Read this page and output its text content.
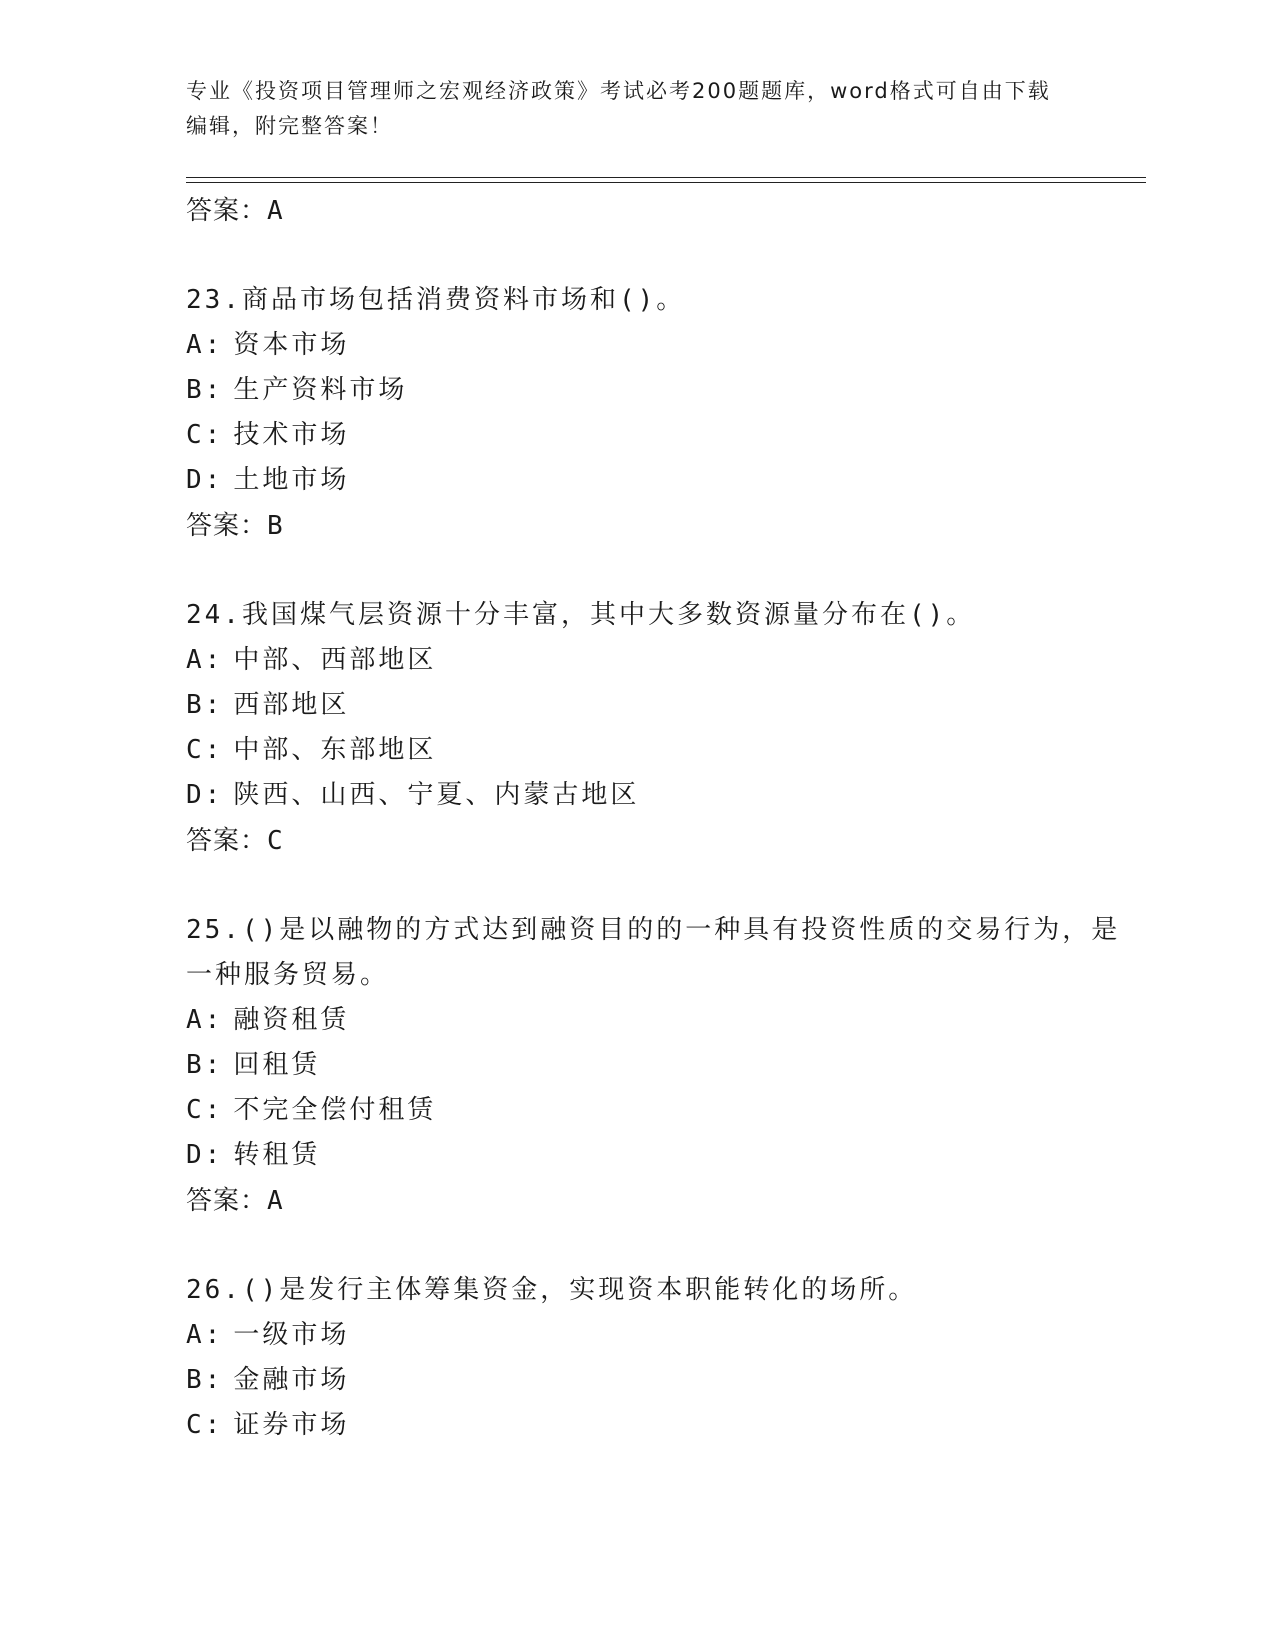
专业《投资项目管理师之宏观经济政策》考试必考200题题库，word格式可自由下载编辑，附完整答案！
答案：A
23.商品市场包括消费资料市场和()。
A: 资本市场
B: 生产资料市场
C: 技术市场
D: 土地市场
答案：B
24.我国煤气层资源十分丰富，其中大多数资源量分布在()。
A: 中部、西部地区
B: 西部地区
C: 中部、东部地区
D: 陕西、山西、宁夏、内蒙古地区
答案：C
25.()是以融物的方式达到融资目的的一种具有投资性质的交易行为，是一种服务贸易。
A: 融资租赁
B: 回租赁
C: 不完全偿付租赁
D: 转租赁
答案：A
26.()是发行主体筹集资金，实现资本职能转化的场所。
A: 一级市场
B: 金融市场
C: 证券市场
